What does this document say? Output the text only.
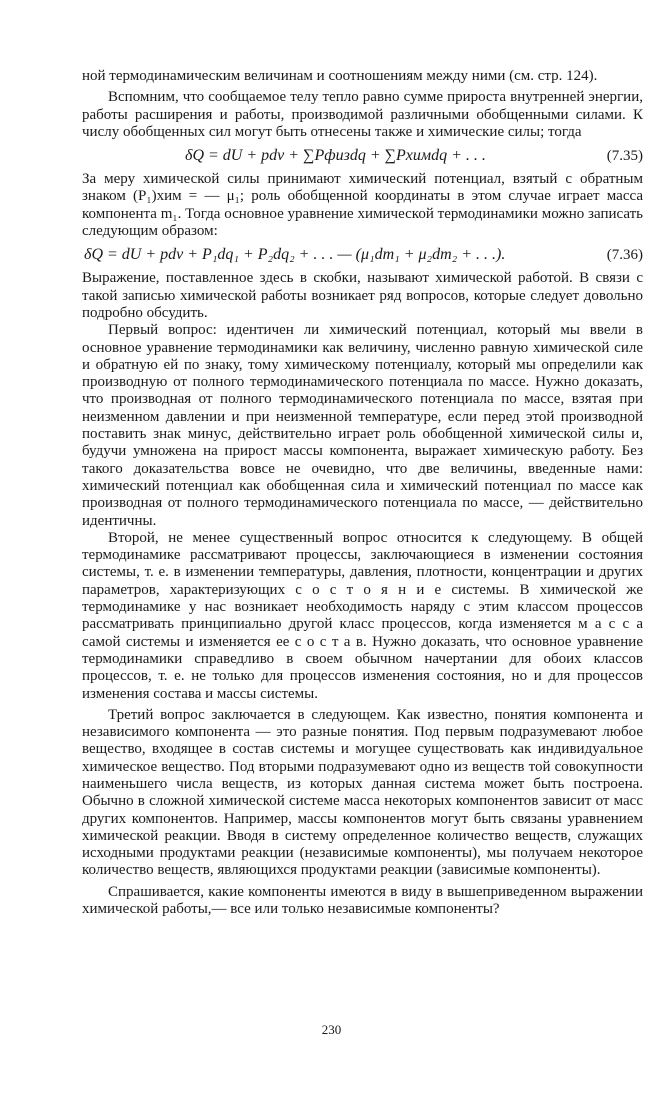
ной термодинамическим величинам и соотношениям между ними (см. стр. 124).

Вспомним, что сообщаемое телу тепло равно сумме прироста внутренней энергии, работы расширения и работы, производимой различными обобщенными силами. К числу обобщенных сил могут быть отнесены также и химические силы; тогда

δQ = dU + pdv + ∑Pфизdq + ∑Pхимdq + . . .	(7.35)

За меру химической силы принимают химический потенциал, взятый с обратным знаком (P₁)хим = — μ₁; роль обобщенной координаты в этом случае играет масса компонента m₁. Тогда основное уравнение химической термодинамики можно записать следующим образом:

δQ = dU + pdv + P₁dq₁ + P₂dq₂ + . . . — (μ₁dm₁ + μ₂dm₂ + . . .).	(7.36)

Выражение, поставленное здесь в скобки, называют химической работой. В связи с такой записью химической работы возникает ряд вопросов, которые следует довольно подробно обсудить.

Первый вопрос: идентичен ли химический потенциал, который мы ввели в основное уравнение термодинамики как величину, численно равную химической силе и обратную ей по знаку, тому химическому потенциалу, который мы определили как производную от полного термодинамического потенциала по массе. Нужно доказать, что производная от полного термодинамического потенциала по массе, взятая при неизменном давлении и при неизменной температуре, если перед этой производной поставить знак минус, действительно играет роль обобщенной химической силы и, будучи умножена на прирост массы компонента, выражает химическую работу. Без такого доказательства вовсе не очевидно, что две величины, введенные нами: химический потенциал как обобщенная сила и химический потенциал по массе как производная от полного термодинамического потенциала по массе, — действительно идентичны.

Второй, не менее существенный вопрос относится к следующему. В общей термодинамике рассматривают процессы, заключающиеся в изменении состояния системы, т. е. в изменении температуры, давления, плотности, концентрации и других параметров, характеризующих с о с т о я н и е системы. В химической же термодинамике у нас возникает необходимость наряду с этим классом процессов рассматривать принципиально другой класс процессов, когда изменяется м а с с а самой системы и изменяется ее с о с т а в. Нужно доказать, что основное уравнение термодинамики справедливо в своем обычном начертании для обоих классов процессов, т. е. не только для процессов изменения состояния, но и для процессов изменения состава и массы системы.

Третий вопрос заключается в следующем. Как известно, понятия компонента и независимого компонента — это разные понятия. Под первым подразумевают любое вещество, входящее в состав системы и могущее существовать как индивидуальное химическое вещество. Под вторыми подразумевают одно из веществ той совокупности наименьшего числа веществ, из которых данная система может быть построена. Обычно в сложной химической системе масса некоторых компонентов зависит от масс других компонентов. Например, массы компонентов могут быть связаны уравнением химической реакции. Вводя в систему определенное количество веществ, служащих исходными продуктами реакции (независимые компоненты), мы получаем некоторое количество веществ, являющихся продуктами реакции (зависимые компоненты).

Спрашивается, какие компоненты имеются в виду в вышеприведенном выражении химической работы,— все или только независимые компоненты?

230
